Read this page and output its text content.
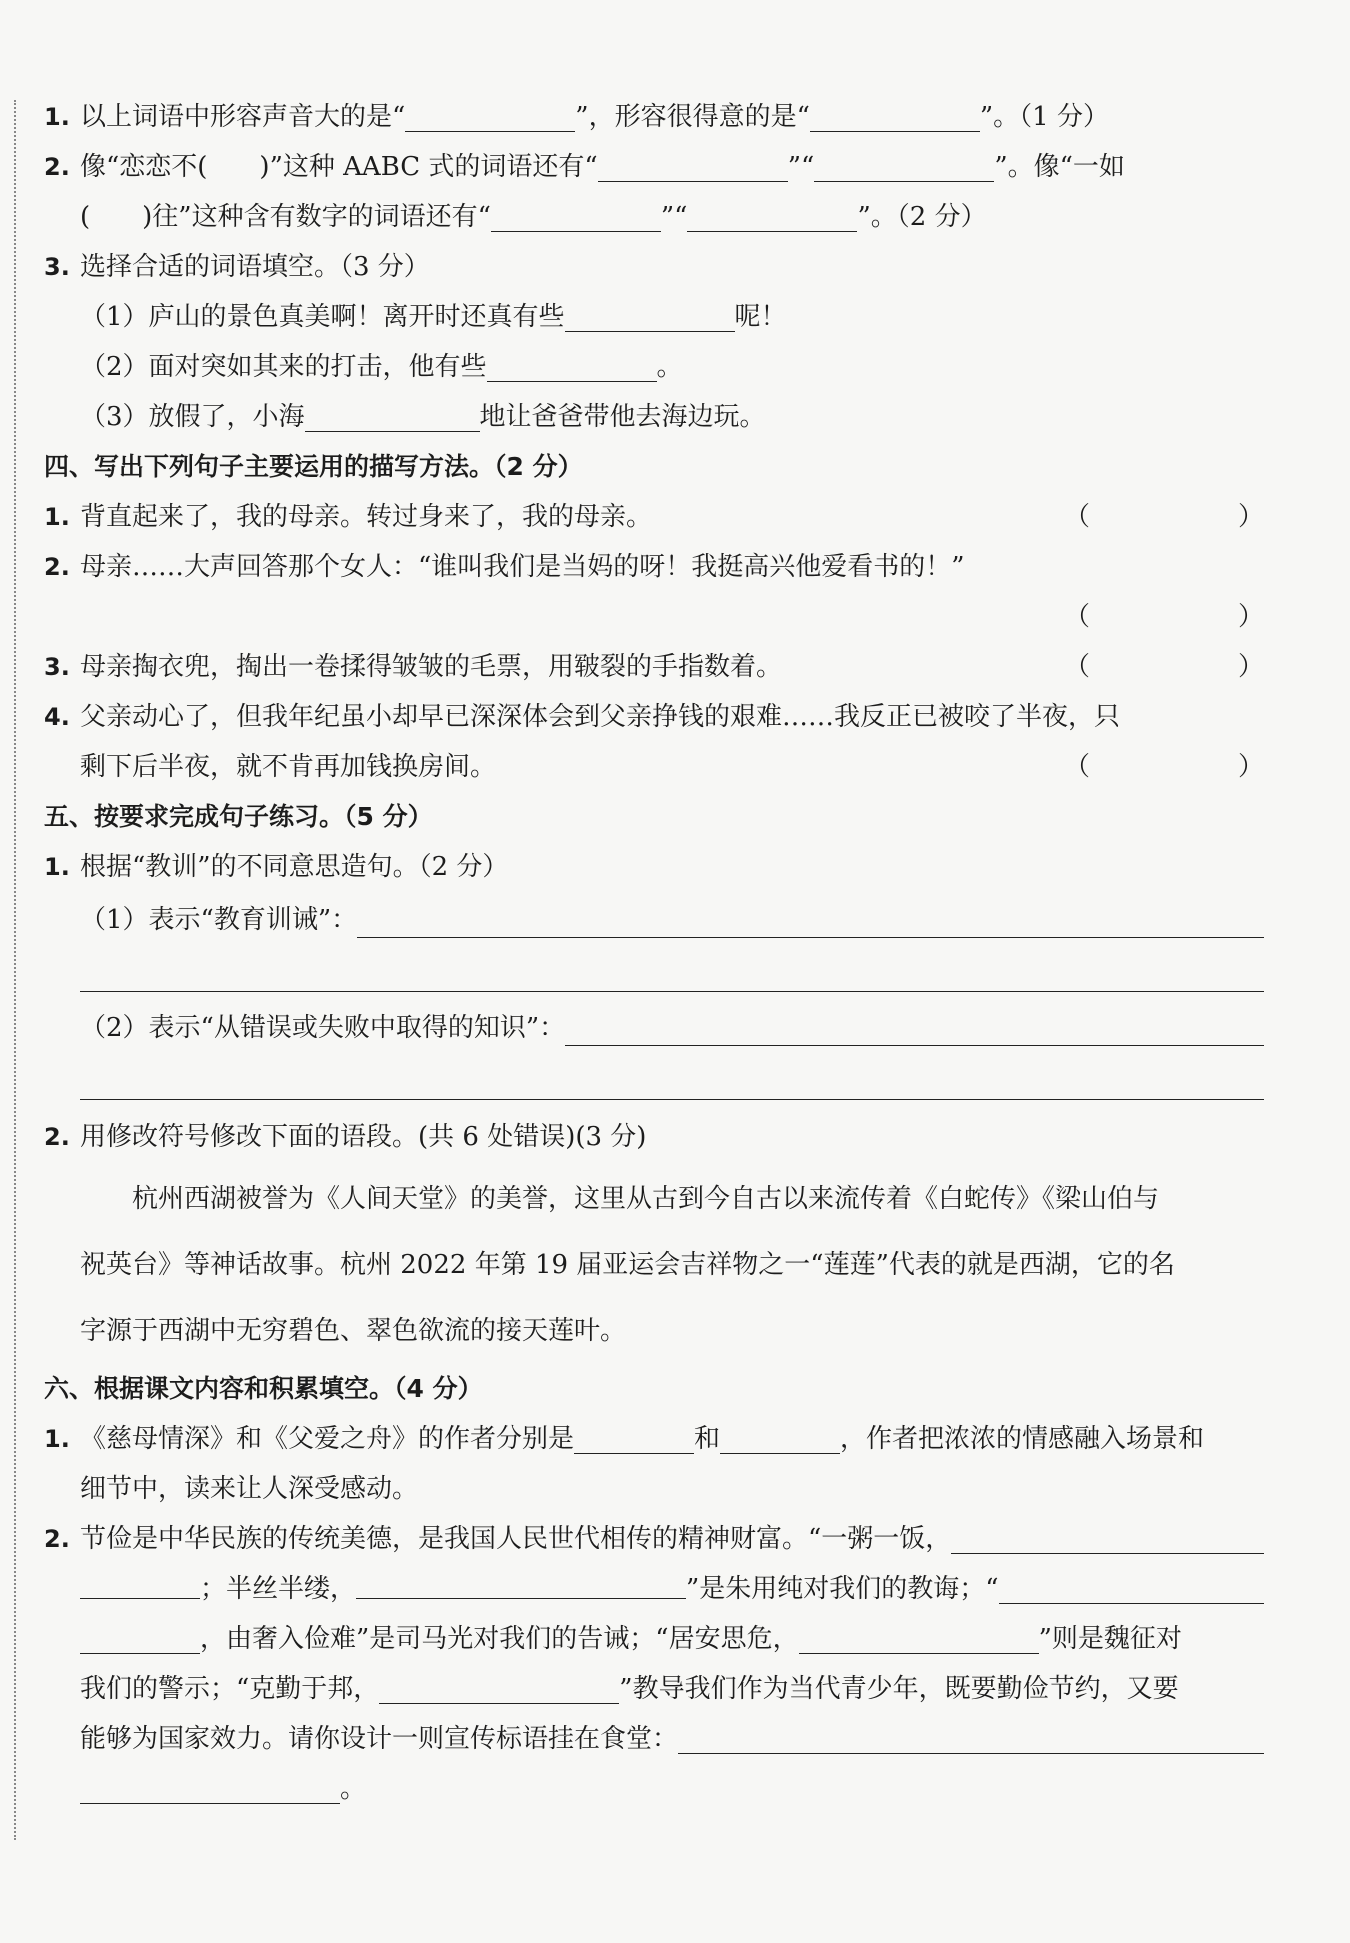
1. 以上词语中形容声音大的是“	”，形容很得意的是“	”。（1 分）
2. 像“恋恋不(　　)”这种 AABC 式的词语还有“	”“	”。像“一如
(　　)往”这种含有数字的词语还有“	”“	”。（2 分）
3. 选择合适的词语填空。（3 分）
（1）庐山的景色真美啊！离开时还真有些	呢！
（2）面对突如其来的打击，他有些	。
（3）放假了，小海	地让爸爸带他去海边玩。
四、写出下列句子主要运用的描写方法。（2 分）
1. 背直起来了，我的母亲。转过身来了，我的母亲。	（	）
2. 母亲……大声回答那个女人：“谁叫我们是当妈的呀！我挺高兴他爱看书的！”
（	）
3. 母亲掏衣兜，掏出一卷揉得皱皱的毛票，用皲裂的手指数着。	（	）
4. 父亲动心了，但我年纪虽小却早已深深体会到父亲挣钱的艰难……我反正已被咬了半夜，只
剩下后半夜，就不肯再加钱换房间。	（	）
五、按要求完成句子练习。（5 分）
1. 根据“教训”的不同意思造句。（2 分）
（1）表示“教育训诫”：
（2）表示“从错误或失败中取得的知识”：
2. 用修改符号修改下面的语段。(共 6 处错误)(3 分)
杭州西湖被誉为《人间天堂》的美誉，这里从古到今自古以来流传着《白蛇传》《梁山伯与
祝英台》等神话故事。杭州 2022 年第 19 届亚运会吉祥物之一“莲莲”代表的就是西湖，它的名
字源于西湖中无穷碧色、翠色欲流的接天莲叶。
六、根据课文内容和积累填空。（4 分）
1. 《慈母情深》和《父爱之舟》的作者分别是	和	，作者把浓浓的情感融入场景和
细节中，读来让人深受感动。
2. 节俭是中华民族的传统美德，是我国人民世代相传的精神财富。“一粥一饭，
；半丝半缕，	”是朱用纯对我们的教诲；“
，由奢入俭难”是司马光对我们的告诫；“居安思危，	”则是魏征对
我们的警示；“克勤于邦，	”教导我们作为当代青少年，既要勤俭节约，又要
能够为国家效力。请你设计一则宣传标语挂在食堂：
。
